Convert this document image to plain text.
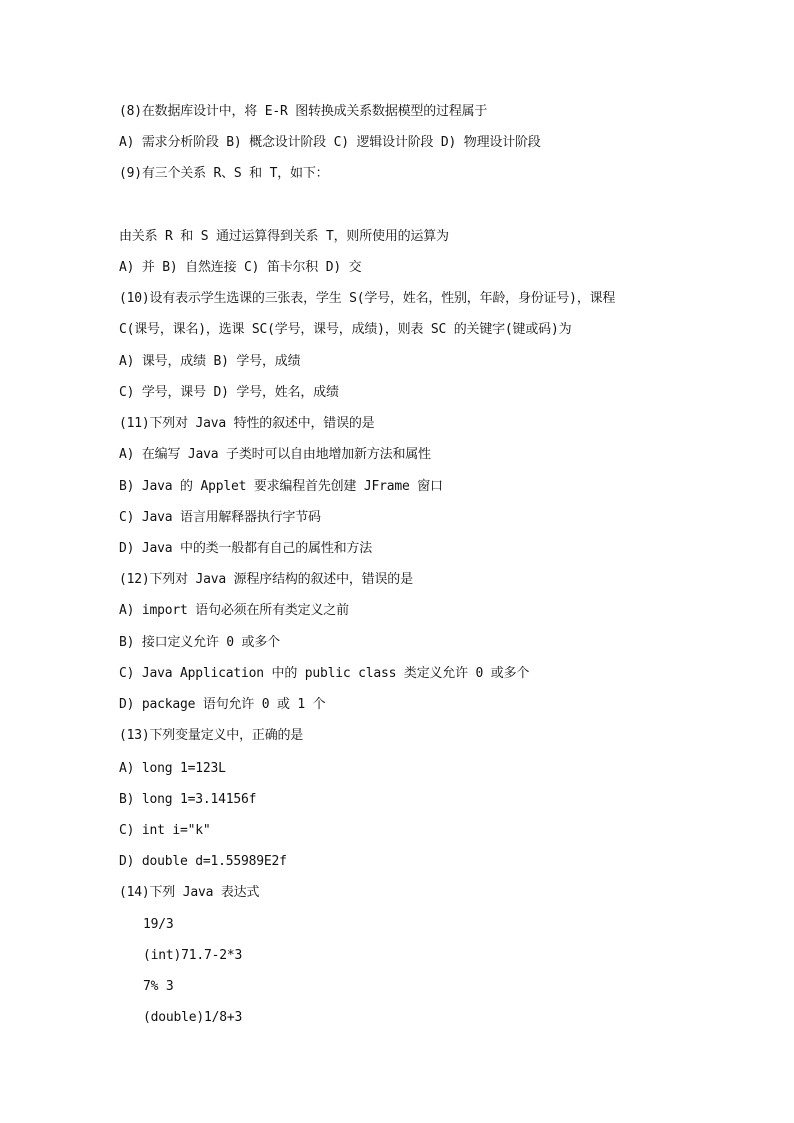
(8)在数据库设计中，将 E-R 图转换成关系数据模型的过程属于
A) 需求分析阶段 B) 概念设计阶段 C) 逻辑设计阶段 D) 物理设计阶段
(9)有三个关系 R、S 和 T，如下：
由关系 R 和 S 通过运算得到关系 T，则所使用的运算为
A) 并 B) 自然连接 C) 笛卡尔积 D) 交
(10)设有表示学生选课的三张表，学生 S(学号，姓名，性别，年龄，身份证号)，课程
C(课号，课名)，选课 SC(学号，课号，成绩)，则表 SC 的关键字(键或码)为
A) 课号，成绩 B) 学号，成绩
C) 学号，课号 D) 学号，姓名，成绩
(11)下列对 Java 特性的叙述中，错误的是
A) 在编写 Java 子类时可以自由地增加新方法和属性
B) Java 的 Applet 要求编程首先创建 JFrame 窗口
C) Java 语言用解释器执行字节码
D) Java 中的类一般都有自己的属性和方法
(12)下列对 Java 源程序结构的叙述中，错误的是
A) import 语句必须在所有类定义之前
B) 接口定义允许 0 或多个
C) Java Application 中的 public class 类定义允许 0 或多个
D) package 语句允许 0 或 1 个
(13)下列变量定义中，正确的是
A) long 1=123L
B) long 1=3.14156f
C) int i="k"
D) double d=1.55989E2f
(14)下列 Java 表达式
19/3
(int)71.7-2*3
7% 3
(double)1/8+3
